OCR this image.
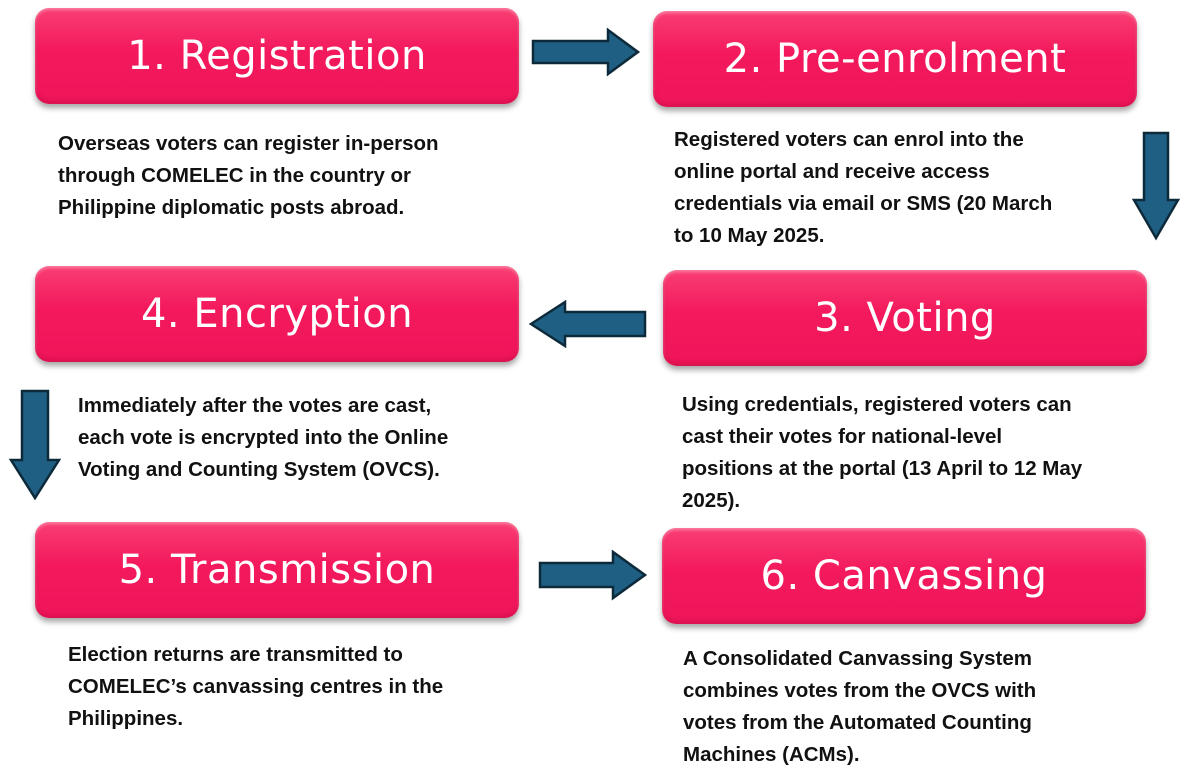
1. Registration
Overseas voters can register in-person
through COMELEC in the country or
Philippine diplomatic posts abroad.
2. Pre-enrolment
Registered voters can enrol into the
online portal and receive access
credentials via email or SMS (20 March
to 10 May 2025.
3. Voting
Using credentials, registered voters can
cast their votes for national-level
positions at the portal (13 April to 12 May
2025).
4. Encryption
Immediately after the votes are cast,
each vote is encrypted into the Online
Voting and Counting System (OVCS).
5. Transmission
Election returns are transmitted to
COMELEC’s canvassing centres in the
Philippines.
6. Canvassing
A Consolidated Canvassing System
combines votes from the OVCS with
votes from the Automated Counting
Machines (ACMs).
